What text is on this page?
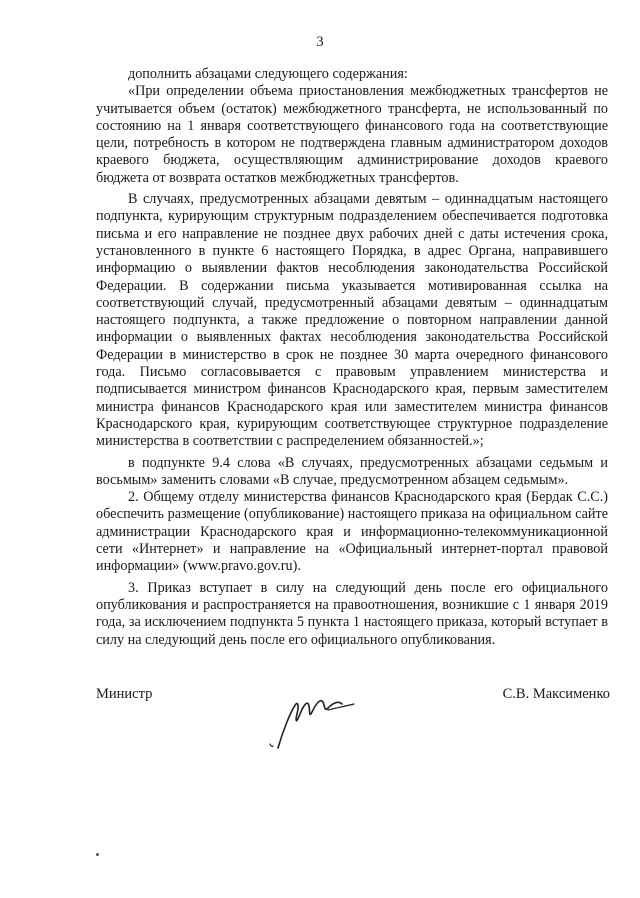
3

дополнить абзацами следующего содержания:

«При определении объема приостановления межбюджетных трансфертов не учитывается объем (остаток) межбюджетного трансферта, не использованный по состоянию на 1 января соответствующего финансового года на соответствующие цели, потребность в котором не подтверждена главным администратором доходов краевого бюджета, осуществляющим администрирование доходов краевого бюджета от возврата остатков межбюджетных трансфертов.

В случаях, предусмотренных абзацами девятым – одиннадцатым настоящего подпункта, курирующим структурным подразделением обеспечивается подготовка письма и его направление не позднее двух рабочих дней с даты истечения срока, установленного в пункте 6 настоящего Порядка, в адрес Органа, направившего информацию о выявлении фактов несоблюдения законодательства Российской Федерации. В содержании письма указывается мотивированная ссылка на соответствующий случай, предусмотренный абзацами девятым – одиннадцатым настоящего подпункта, а также предложение о повторном направлении данной информации о выявленных фактах несоблюдения законодательства Российской Федерации в министерство в срок не позднее 30 марта очередного финансового года. Письмо согласовывается с правовым управлением министерства и подписывается министром финансов Краснодарского края, первым заместителем министра финансов Краснодарского края или заместителем министра финансов Краснодарского края, курирующим соответствующее структурное подразделение министерства в соответствии с распределением обязанностей.»;

в подпункте 9.4 слова «В случаях, предусмотренных абзацами седьмым и восьмым» заменить словами «В случае, предусмотренном абзацем седьмым».

2. Общему отделу министерства финансов Краснодарского края (Бердак С.С.) обеспечить размещение (опубликование) настоящего приказа на официальном сайте администрации Краснодарского края и информационно-телекоммуникационной сети «Интернет» и направление на «Официальный интернет-портал правовой информации» (www.pravo.gov.ru).

3. Приказ вступает в силу на следующий день после его официального опубликования и распространяется на правоотношения, возникшие с 1 января 2019 года, за исключением подпункта 5 пункта 1 настоящего приказа, который вступает в силу на следующий день после его официального опубликования.

Министр	С.В. Максименко
